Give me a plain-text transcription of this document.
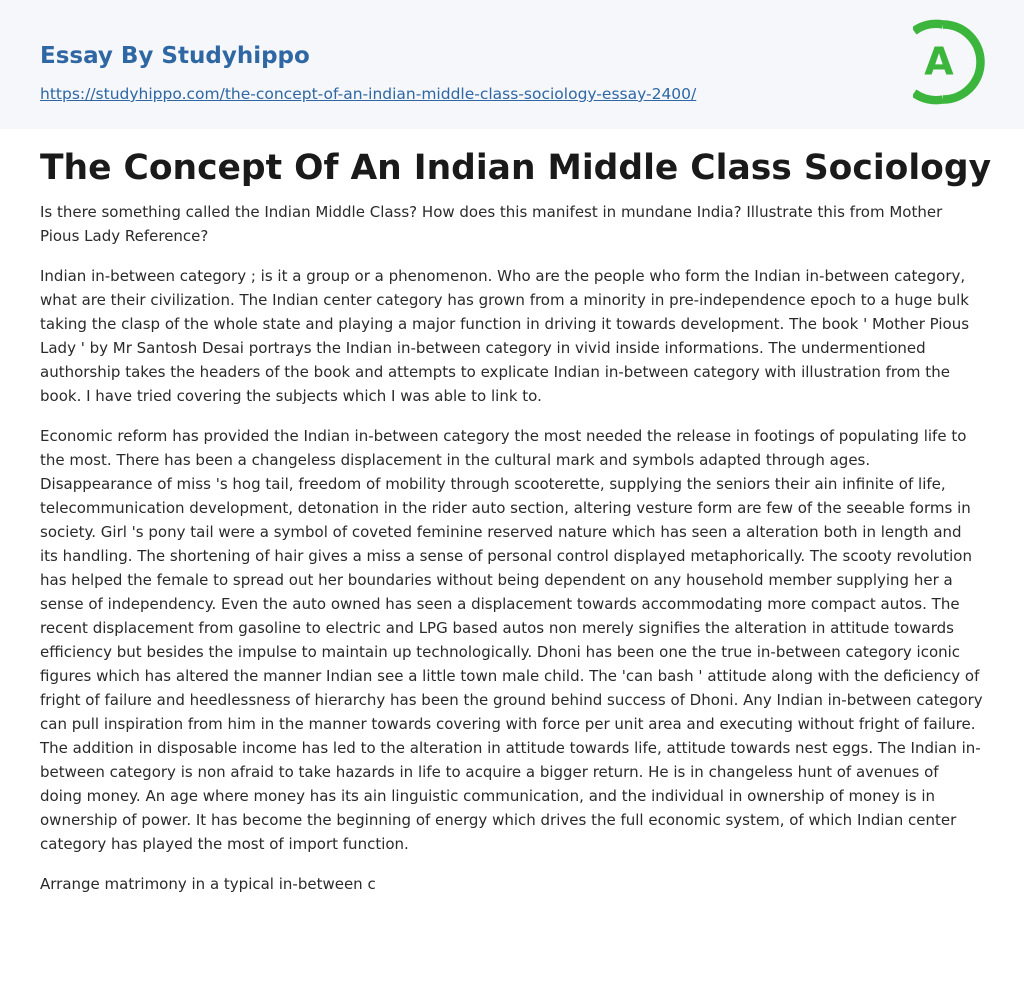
Essay By Studyhippo
https://studyhippo.com/the-concept-of-an-indian-middle-class-sociology-essay-2400/
A
The Concept Of An Indian Middle Class Sociology

Is there something called the Indian Middle Class? How does this manifest in mundane India? Illustrate this from Mother Pious Lady Reference?

Indian in-between category ; is it a group or a phenomenon. Who are the people who form the Indian in-between category, what are their civilization. The Indian center category has grown from a minority in pre-independence epoch to a huge bulk taking the clasp of the whole state and playing a major function in driving it towards development. The book ' Mother Pious Lady ' by Mr Santosh Desai portrays the Indian in-between category in vivid inside informations. The undermentioned authorship takes the headers of the book and attempts to explicate Indian in-between category with illustration from the book. I have tried covering the subjects which I was able to link to.

Economic reform has provided the Indian in-between category the most needed the release in footings of populating life to the most. There has been a changeless displacement in the cultural mark and symbols adapted through ages. Disappearance of miss 's hog tail, freedom of mobility through scooterette, supplying the seniors their ain infinite of life, telecommunication development, detonation in the rider auto section, altering vesture form are few of the seeable forms in society. Girl 's pony tail were a symbol of coveted feminine reserved nature which has seen a alteration both in length and its handling. The shortening of hair gives a miss a sense of personal control displayed metaphorically. The scooty revolution has helped the female to spread out her boundaries without being dependent on any household member supplying her a sense of independency. Even the auto owned has seen a displacement towards accommodating more compact autos. The recent displacement from gasoline to electric and LPG based autos non merely signifies the alteration in attitude towards efficiency but besides the impulse to maintain up technologically. Dhoni has been one the true in-between category iconic figures which has altered the manner Indian see a little town male child. The 'can bash ' attitude along with the deficiency of fright of failure and heedlessness of hierarchy has been the ground behind success of Dhoni. Any Indian in-between category can pull inspiration from him in the manner towards covering with force per unit area and executing without fright of failure. The addition in disposable income has led to the alteration in attitude towards life, attitude towards nest eggs. The Indian in-between category is non afraid to take hazards in life to acquire a bigger return. He is in changeless hunt of avenues of doing money. An age where money has its ain linguistic communication, and the individual in ownership of money is in ownership of power. It has become the beginning of energy which drives the full economic system, of which Indian center category has played the most of import function.

Arrange matrimony in a typical in-between c
